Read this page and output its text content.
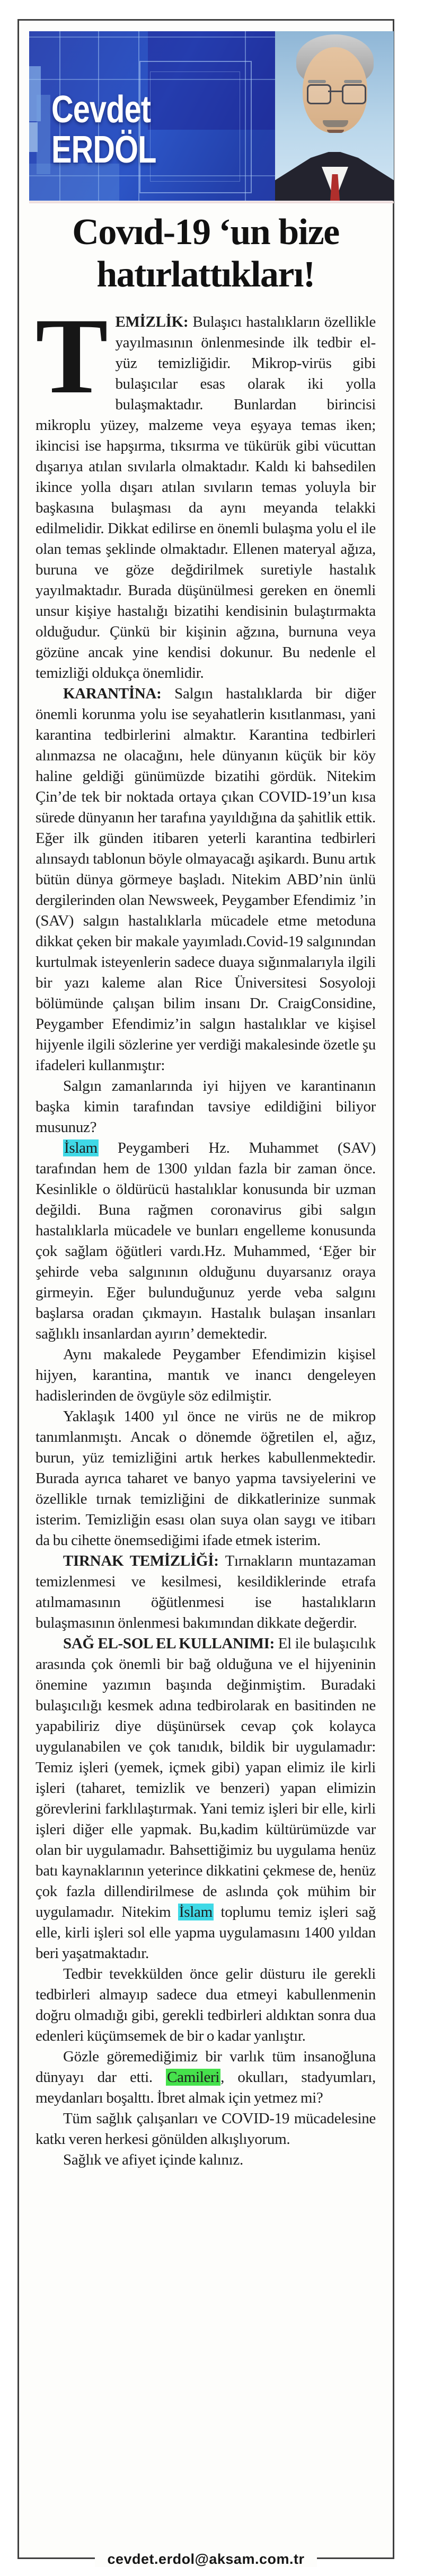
Cevdet
ERDÖL
Covıd-19 ‘un bize hatırlattıkları!

TEMİZLİK: Bulaşıcı hastalıkların özellikle yayılmasının önlenmesinde ilk tedbir el-yüz temizliğidir. Mikrop-virüs gibi bulaşıcılar esas olarak iki yolla bulaşmaktadır. Bunlardan birincisi mikroplu yüzey, malzeme veya eşyaya temas iken; ikincisi ise hapşırma, tıksırma ve tükürük gibi vücuttan dışarıya atılan sıvılarla olmaktadır. Kaldı ki bahsedilen ikince yolla dışarı atılan sıvıların temas yoluyla bir başkasına bulaşması da aynı meyanda telakki edilmelidir. Dikkat edilirse en önemli bulaşma yolu el ile olan temas şeklinde olmaktadır. Ellenen materyal ağıza, buruna ve göze değdirilmek suretiyle hastalık yayılmaktadır. Burada düşünülmesi gereken en önemli unsur kişiye hastalığı bizatihi kendisinin bulaştırmakta olduğudur. Çünkü bir kişinin ağzına, burnuna veya gözüne ancak yine kendisi dokunur. Bu nedenle el temizliği oldukça önemlidir.

KARANTİNA: Salgın hastalıklarda bir diğer önemli korunma yolu ise seyahatlerin kısıtlanması, yani karantina tedbirlerini almaktır. Karantina tedbirleri alınmazsa ne olacağını, hele dünyanın küçük bir köy haline geldiği günümüzde bizatihi gördük. Nitekim Çin’de tek bir noktada ortaya çıkan COVID-19’un kısa sürede dünyanın her tarafına yayıldığına da şahitlik ettik. Eğer ilk günden itibaren yeterli karantina tedbirleri alınsaydı tablonun böyle olmayacağı aşikardı. Bunu artık bütün dünya görmeye başladı. Nitekim ABD’nin ünlü dergilerinden olan Newsweek, Peygamber Efendimiz ’in (SAV) salgın hastalıklarla mücadele etme metoduna dikkat çeken bir makale yayımladı.Covid-19 salgınından kurtulmak isteyenlerin sadece duaya sığınmalarıyla ilgili bir yazı kaleme alan Rice Üniversitesi Sosyoloji bölümünde çalışan bilim insanı Dr. CraigConsidine, Peygamber Efendimiz’in salgın hastalıklar ve kişisel hijyenle ilgili sözlerine yer verdiği makalesinde özetle şu ifadeleri kullanmıştır:

Salgın zamanlarında iyi hijyen ve karantinanın başka kimin tarafından tavsiye edildiğini biliyor musunuz?

İslam Peygamberi Hz. Muhammet (SAV) tarafından hem de 1300 yıldan fazla bir zaman önce. Kesinlikle o öldürücü hastalıklar konusunda bir uzman değildi. Buna rağmen coronavirus gibi salgın hastalıklarla mücadele ve bunları engelleme konusunda çok sağlam öğütleri vardı.Hz. Muhammed, ‘Eğer bir şehirde veba salgınının olduğunu duyarsanız oraya girmeyin. Eğer bulunduğunuz yerde veba salgını başlarsa oradan çıkmayın. Hastalık bulaşan insanları sağlıklı insanlardan ayırın’ demektedir.

Aynı makalede Peygamber Efendimizin kişisel hijyen, karantina, mantık ve inancı dengeleyen hadislerinden de övgüyle söz edilmiştir.

Yaklaşık 1400 yıl önce ne virüs ne de mikrop tanımlanmıştı. Ancak o dönemde öğretilen el, ağız, burun, yüz temizliğini artık herkes kabullenmektedir. Burada ayrıca taharet ve banyo yapma tavsiyelerini ve özellikle tırnak temizliğini de dikkatlerinize sunmak isterim. Temizliğin esası olan suya olan saygı ve itibarı da bu cihette önemsediğimi ifade etmek isterim.

TIRNAK TEMİZLİĞİ: Tırnakların muntazaman temizlenmesi ve kesilmesi, kesildiklerinde etrafa atılmamasının öğütlenmesi ise hastalıkların bulaşmasının önlenmesi bakımından dikkate değerdir.

SAĞ EL-SOL EL KULLANIMI: El ile bulaşıcılık arasında çok önemli bir bağ olduğuna ve el hijyeninin önemine yazımın başında değinmiştim. Buradaki bulaşıcılığı kesmek adına tedbirolarak en basitinden ne yapabiliriz diye düşünürsek cevap çok kolayca uygulanabilen ve çok tanıdık, bildik bir uygulamadır: Temiz işleri (yemek, içmek gibi) yapan elimiz ile kirli işleri (taharet, temizlik ve benzeri) yapan elimizin görevlerini farklılaştırmak. Yani temiz işleri bir elle, kirli işleri diğer elle yapmak. Bu,kadim kültürümüzde var olan bir uygulamadır. Bahsettiğimiz bu uygulama henüz batı kaynaklarının yeterince dikkatini çekmese de, henüz çok fazla dillendirilmese de aslında çok mühim bir uygulamadır. Nitekim İslam toplumu temiz işleri sağ elle, kirli işleri sol elle yapma uygulamasını 1400 yıldan beri yaşatmaktadır.

Tedbir tevekkülden önce gelir düsturu ile gerekli tedbirleri almayıp sadece dua etmeyi kabullenmenin doğru olmadığı gibi, gerekli tedbirleri aldıktan sonra dua edenleri küçümsemek de bir o kadar yanlıştır.

Gözle göremediğimiz bir varlık tüm insanoğluna dünyayı dar etti. Camileri, okulları, stadyumları, meydanları boşalttı. İbret almak için yetmez mi?

Tüm sağlık çalışanları ve COVID-19 mücadelesine katkı veren herkesi gönülden alkışlıyorum.

Sağlık ve afiyet içinde kalınız.

cevdet.erdol@aksam.com.tr
